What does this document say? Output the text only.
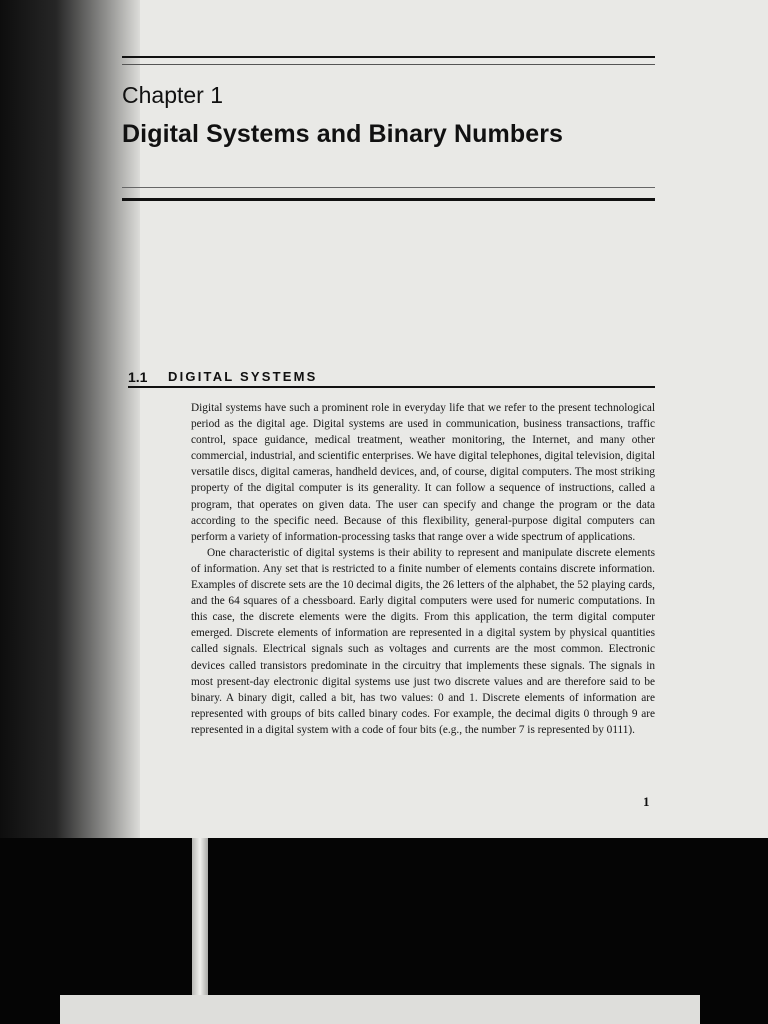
Chapter 1
Digital Systems and Binary Numbers
1.1 DIGITAL SYSTEMS

Digital systems have such a prominent role in everyday life that we refer to the present technological period as the digital age. Digital systems are used in communication, business transactions, traffic control, space guidance, medical treatment, weather monitoring, the Internet, and many other commercial, industrial, and scientific enterprises. We have digital telephones, digital television, digital versatile discs, digital cameras, handheld devices, and, of course, digital computers. The most striking property of the digital computer is its generality. It can follow a sequence of instructions, called a program, that operates on given data. The user can specify and change the program or the data according to the specific need. Because of this flexibility, general-purpose digital computers can perform a variety of information-processing tasks that range over a wide spectrum of applications.

One characteristic of digital systems is their ability to represent and manipulate discrete elements of information. Any set that is restricted to a finite number of elements contains discrete information. Examples of discrete sets are the 10 decimal digits, the 26 letters of the alphabet, the 52 playing cards, and the 64 squares of a chessboard. Early digital computers were used for numeric computations. In this case, the discrete elements were the digits. From this application, the term digital computer emerged. Discrete elements of information are represented in a digital system by physical quantities called signals. Electrical signals such as voltages and currents are the most common. Electronic devices called transistors predominate in the circuitry that implements these signals. The signals in most present-day electronic digital systems use just two discrete values and are therefore said to be binary. A binary digit, called a bit, has two values: 0 and 1. Discrete elements of information are represented with groups of bits called binary codes. For example, the decimal digits 0 through 9 are represented in a digital system with a code of four bits (e.g., the number 7 is represented by 0111).

1
